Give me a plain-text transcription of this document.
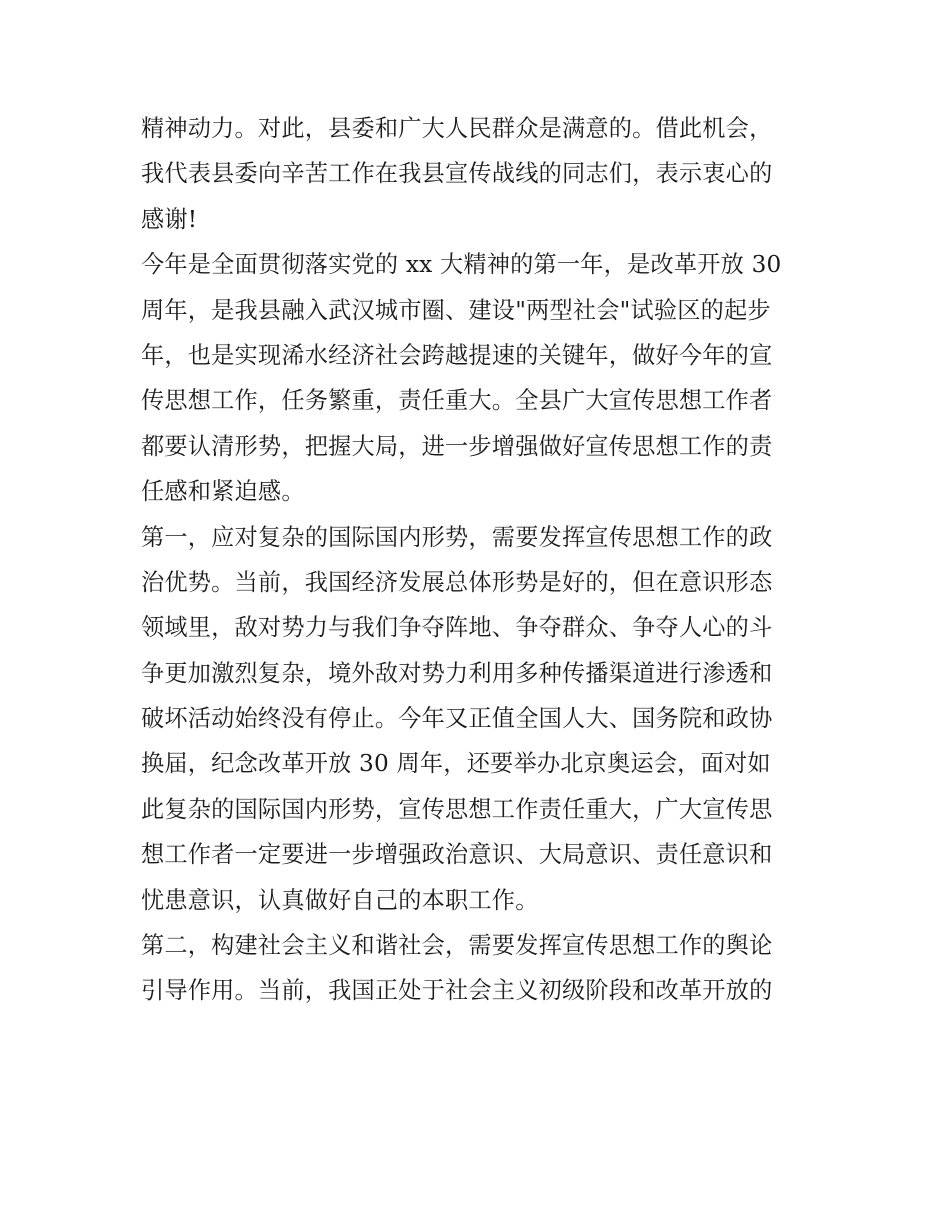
精神动力。对此，县委和广大人民群众是满意的。借此机会，
我代表县委向辛苦工作在我县宣传战线的同志们，表示衷心的
感谢!
今年是全面贯彻落实党的 xx 大精神的第一年，是改革开放 30
周年，是我县融入武汉城市圈、建设"两型社会"试验区的起步
年，也是实现浠水经济社会跨越提速的关键年，做好今年的宣
传思想工作，任务繁重，责任重大。全县广大宣传思想工作者
都要认清形势，把握大局，进一步增强做好宣传思想工作的责
任感和紧迫感。
第一，应对复杂的国际国内形势，需要发挥宣传思想工作的政
治优势。当前，我国经济发展总体形势是好的，但在意识形态
领域里，敌对势力与我们争夺阵地、争夺群众、争夺人心的斗
争更加激烈复杂，境外敌对势力利用多种传播渠道进行渗透和
破坏活动始终没有停止。今年又正值全国人大、国务院和政协
换届，纪念改革开放 30 周年，还要举办北京奥运会，面对如
此复杂的国际国内形势，宣传思想工作责任重大，广大宣传思
想工作者一定要进一步增强政治意识、大局意识、责任意识和
忧患意识，认真做好自己的本职工作。
第二，构建社会主义和谐社会，需要发挥宣传思想工作的舆论
引导作用。当前，我国正处于社会主义初级阶段和改革开放的
